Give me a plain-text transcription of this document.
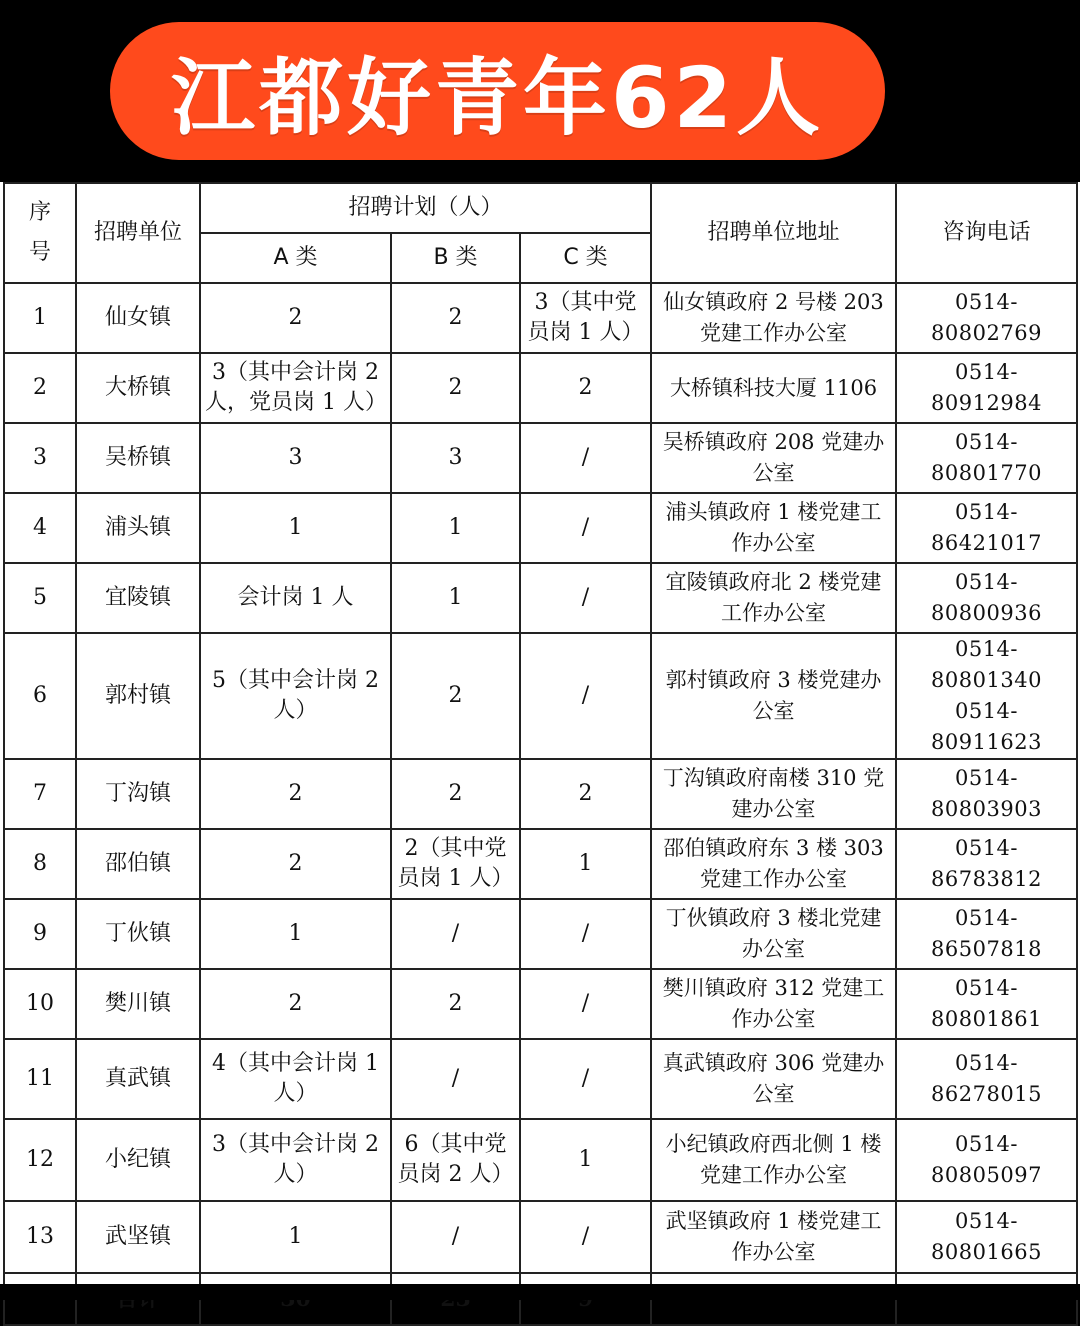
江都好青年62人
序号	招聘单位	招聘计划（人）			招聘单位地址	咨询电话
		A 类	B 类	C 类		
1	仙女镇	2	2	3（其中党员岗 1 人）	仙女镇政府 2 号楼 203 党建工作办公室	0514-80802769
2	大桥镇	3（其中会计岗 2 人，党员岗 1 人）	2	2	大桥镇科技大厦 1106	0514-80912984
3	吴桥镇	3	3	/	吴桥镇政府 208 党建办公室	0514-80801770
4	浦头镇	1	1	/	浦头镇政府 1 楼党建工作办公室	0514-86421017
5	宜陵镇	会计岗 1 人	1	/	宜陵镇政府北 2 楼党建工作办公室	0514-80800936
6	郭村镇	5（其中会计岗 2 人）	2	/	郭村镇政府 3 楼党建办公室	0514-80801340 0514-80911623
7	丁沟镇	2	2	2	丁沟镇政府南楼 310 党建办公室	0514-80803903
8	邵伯镇	2	2（其中党员岗 1 人）	1	邵伯镇政府东 3 楼 303 党建工作办公室	0514-86783812
9	丁伙镇	1	/	/	丁伙镇政府 3 楼北党建办公室	0514-86507818
10	樊川镇	2	2	/	樊川镇政府 312 党建工作办公室	0514-80801861
11	真武镇	4（其中会计岗 1 人）	/	/	真武镇政府 306 党建办公室	0514-86278015
12	小纪镇	3（其中会计岗 2 人）	6（其中党员岗 2 人）	1	小纪镇政府西北侧 1 楼党建工作办公室	0514-80805097
13	武坚镇	1	/	/	武坚镇政府 1 楼党建工作办公室	0514-80801665
